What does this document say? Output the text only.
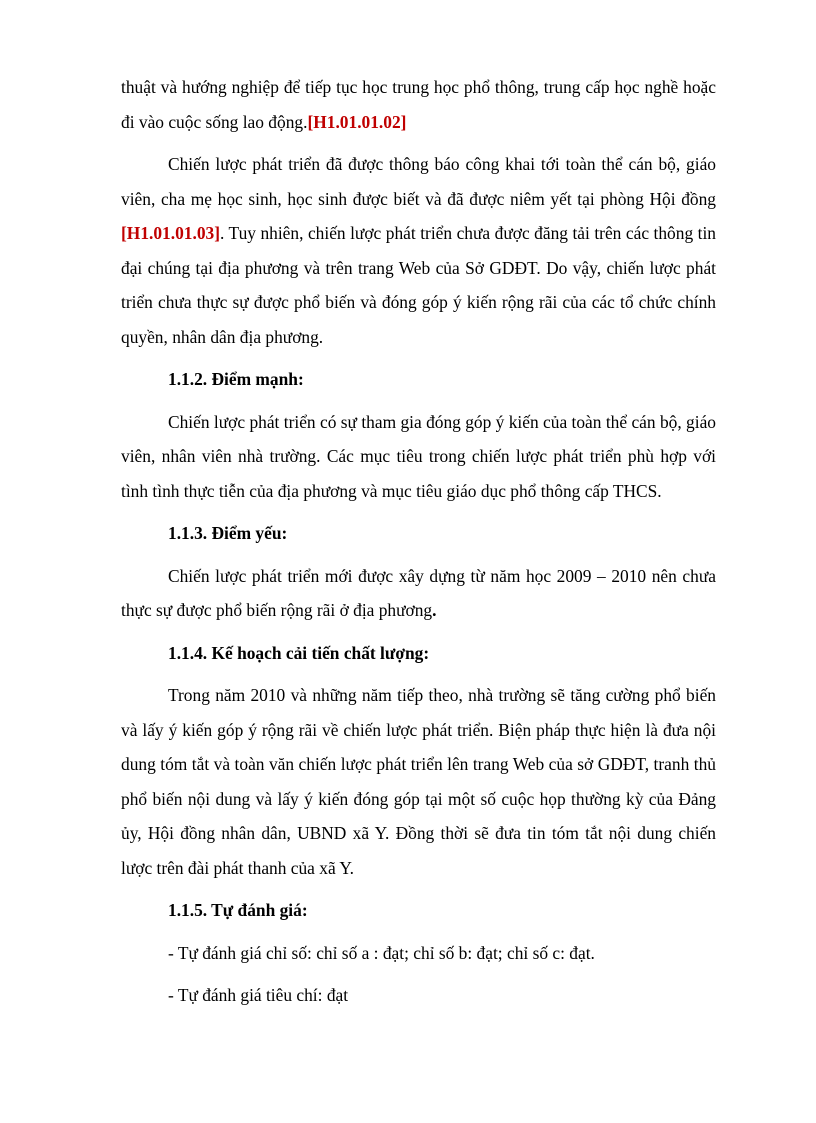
thuật và hướng nghiệp để tiếp tục học trung học phổ thông, trung cấp học nghề hoặc đi vào cuộc sống lao động.[H1.01.01.02]

Chiến lược phát triển đã được thông báo công khai tới toàn thể cán bộ, giáo viên, cha mẹ học sinh, học sinh được biết và đã được niêm yết tại phòng Hội đồng [H1.01.01.03]. Tuy nhiên, chiến lược phát triển chưa được đăng tải trên các thông tin đại chúng tại địa phương và trên trang Web của Sở GDĐT. Do vậy, chiến lược phát triển chưa thực sự được phổ biến và đóng góp ý kiến rộng rãi của các tổ chức chính quyền, nhân dân địa phương.

1.1.2. Điểm mạnh:

Chiến lược phát triển có sự tham gia đóng góp ý kiến của toàn thể cán bộ, giáo viên, nhân viên nhà trường. Các mục tiêu trong chiến lược phát triển phù hợp với tình tình thực tiễn của địa phương và mục tiêu giáo dục phổ thông cấp THCS.

1.1.3. Điểm yếu:

Chiến lược phát triển mới được xây dựng từ năm học 2009 – 2010 nên chưa thực sự được phổ biến rộng rãi ở địa phương.

1.1.4. Kế hoạch cải tiến chất lượng:

Trong năm 2010 và những năm tiếp theo, nhà trường sẽ tăng cường phổ biến và lấy ý kiến góp ý rộng rãi về chiến lược phát triển. Biện pháp thực hiện là đưa nội dung tóm tắt và toàn văn chiến lược phát triển lên trang Web của sở GDĐT, tranh thủ phổ biến nội dung và lấy ý kiến đóng góp tại một số cuộc họp thường kỳ của Đảng ủy, Hội đồng nhân dân, UBND xã Y. Đồng thời sẽ đưa tin tóm tắt nội dung chiến lược trên đài phát thanh của xã Y.

1.1.5. Tự đánh giá:

- Tự đánh giá chỉ số: chỉ số a : đạt; chỉ số b: đạt; chỉ số c: đạt.

- Tự đánh giá tiêu chí: đạt
